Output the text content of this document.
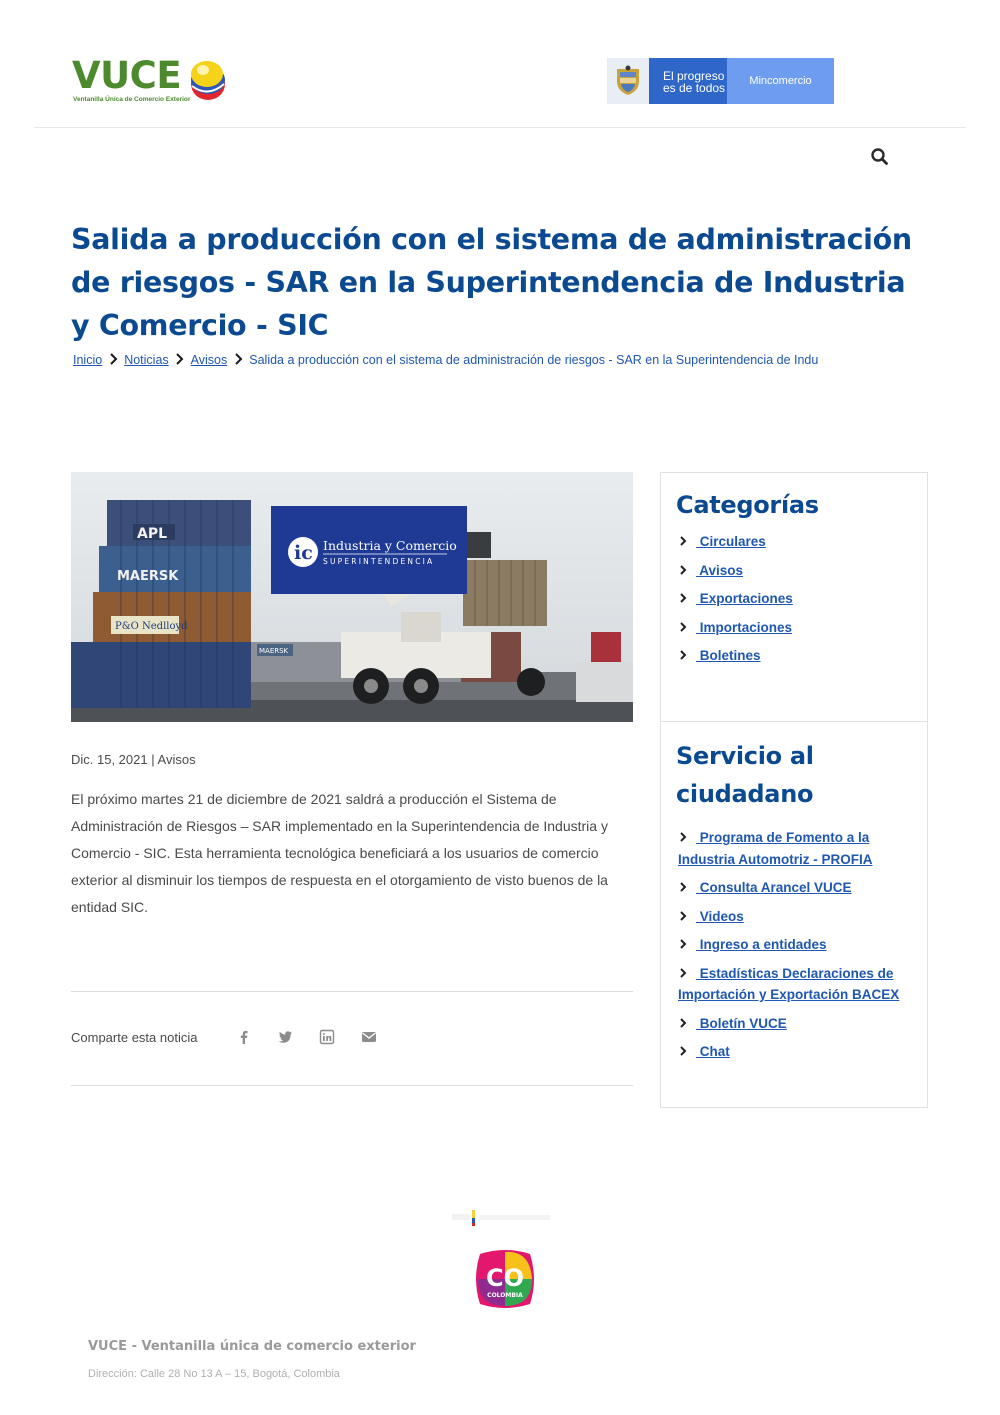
VUCE
Ventanilla Única de Comercio Exterior
El progreso
es de todos	Mincomercio
Salida a producción con el sistema de administración de riesgos - SAR en la Superintendencia de Industria y Comercio - SIC
Inicio Noticias Avisos Salida a producción con el sistema de administración de riesgos - SAR en la Superintendencia de Indu
APL
MAERSK
P&O Nedlloyd
MAERSK
ic Industria y Comercio
SUPERINTENDENCIA
Dic. 15, 2021 | Avisos

El próximo martes 21 de diciembre de 2021 saldrá a producción el Sistema de Administración de Riesgos – SAR implementado en la Superintendencia de Industria y Comercio - SIC. Esta herramienta tecnológica beneficiará a los usuarios de comercio exterior al disminuir los tiempos de respuesta en el otorgamiento de visto buenos de la entidad SIC.

Comparte esta noticia
Categorías
Circulares
Avisos
Exportaciones
Importaciones
Boletines
Servicio al
ciudadano
Programa de Fomento a la Industria Automotriz - PROFIA
Consulta Arancel VUCE
Videos
Ingreso a entidades
Estadísticas Declaraciones de Importación y Exportación BACEX
Boletín VUCE
Chat
CO
COLOMBIA
VUCE - Ventanilla única de comercio exterior
Dirección: Calle 28 No 13 A – 15, Bogotá, Colombia
